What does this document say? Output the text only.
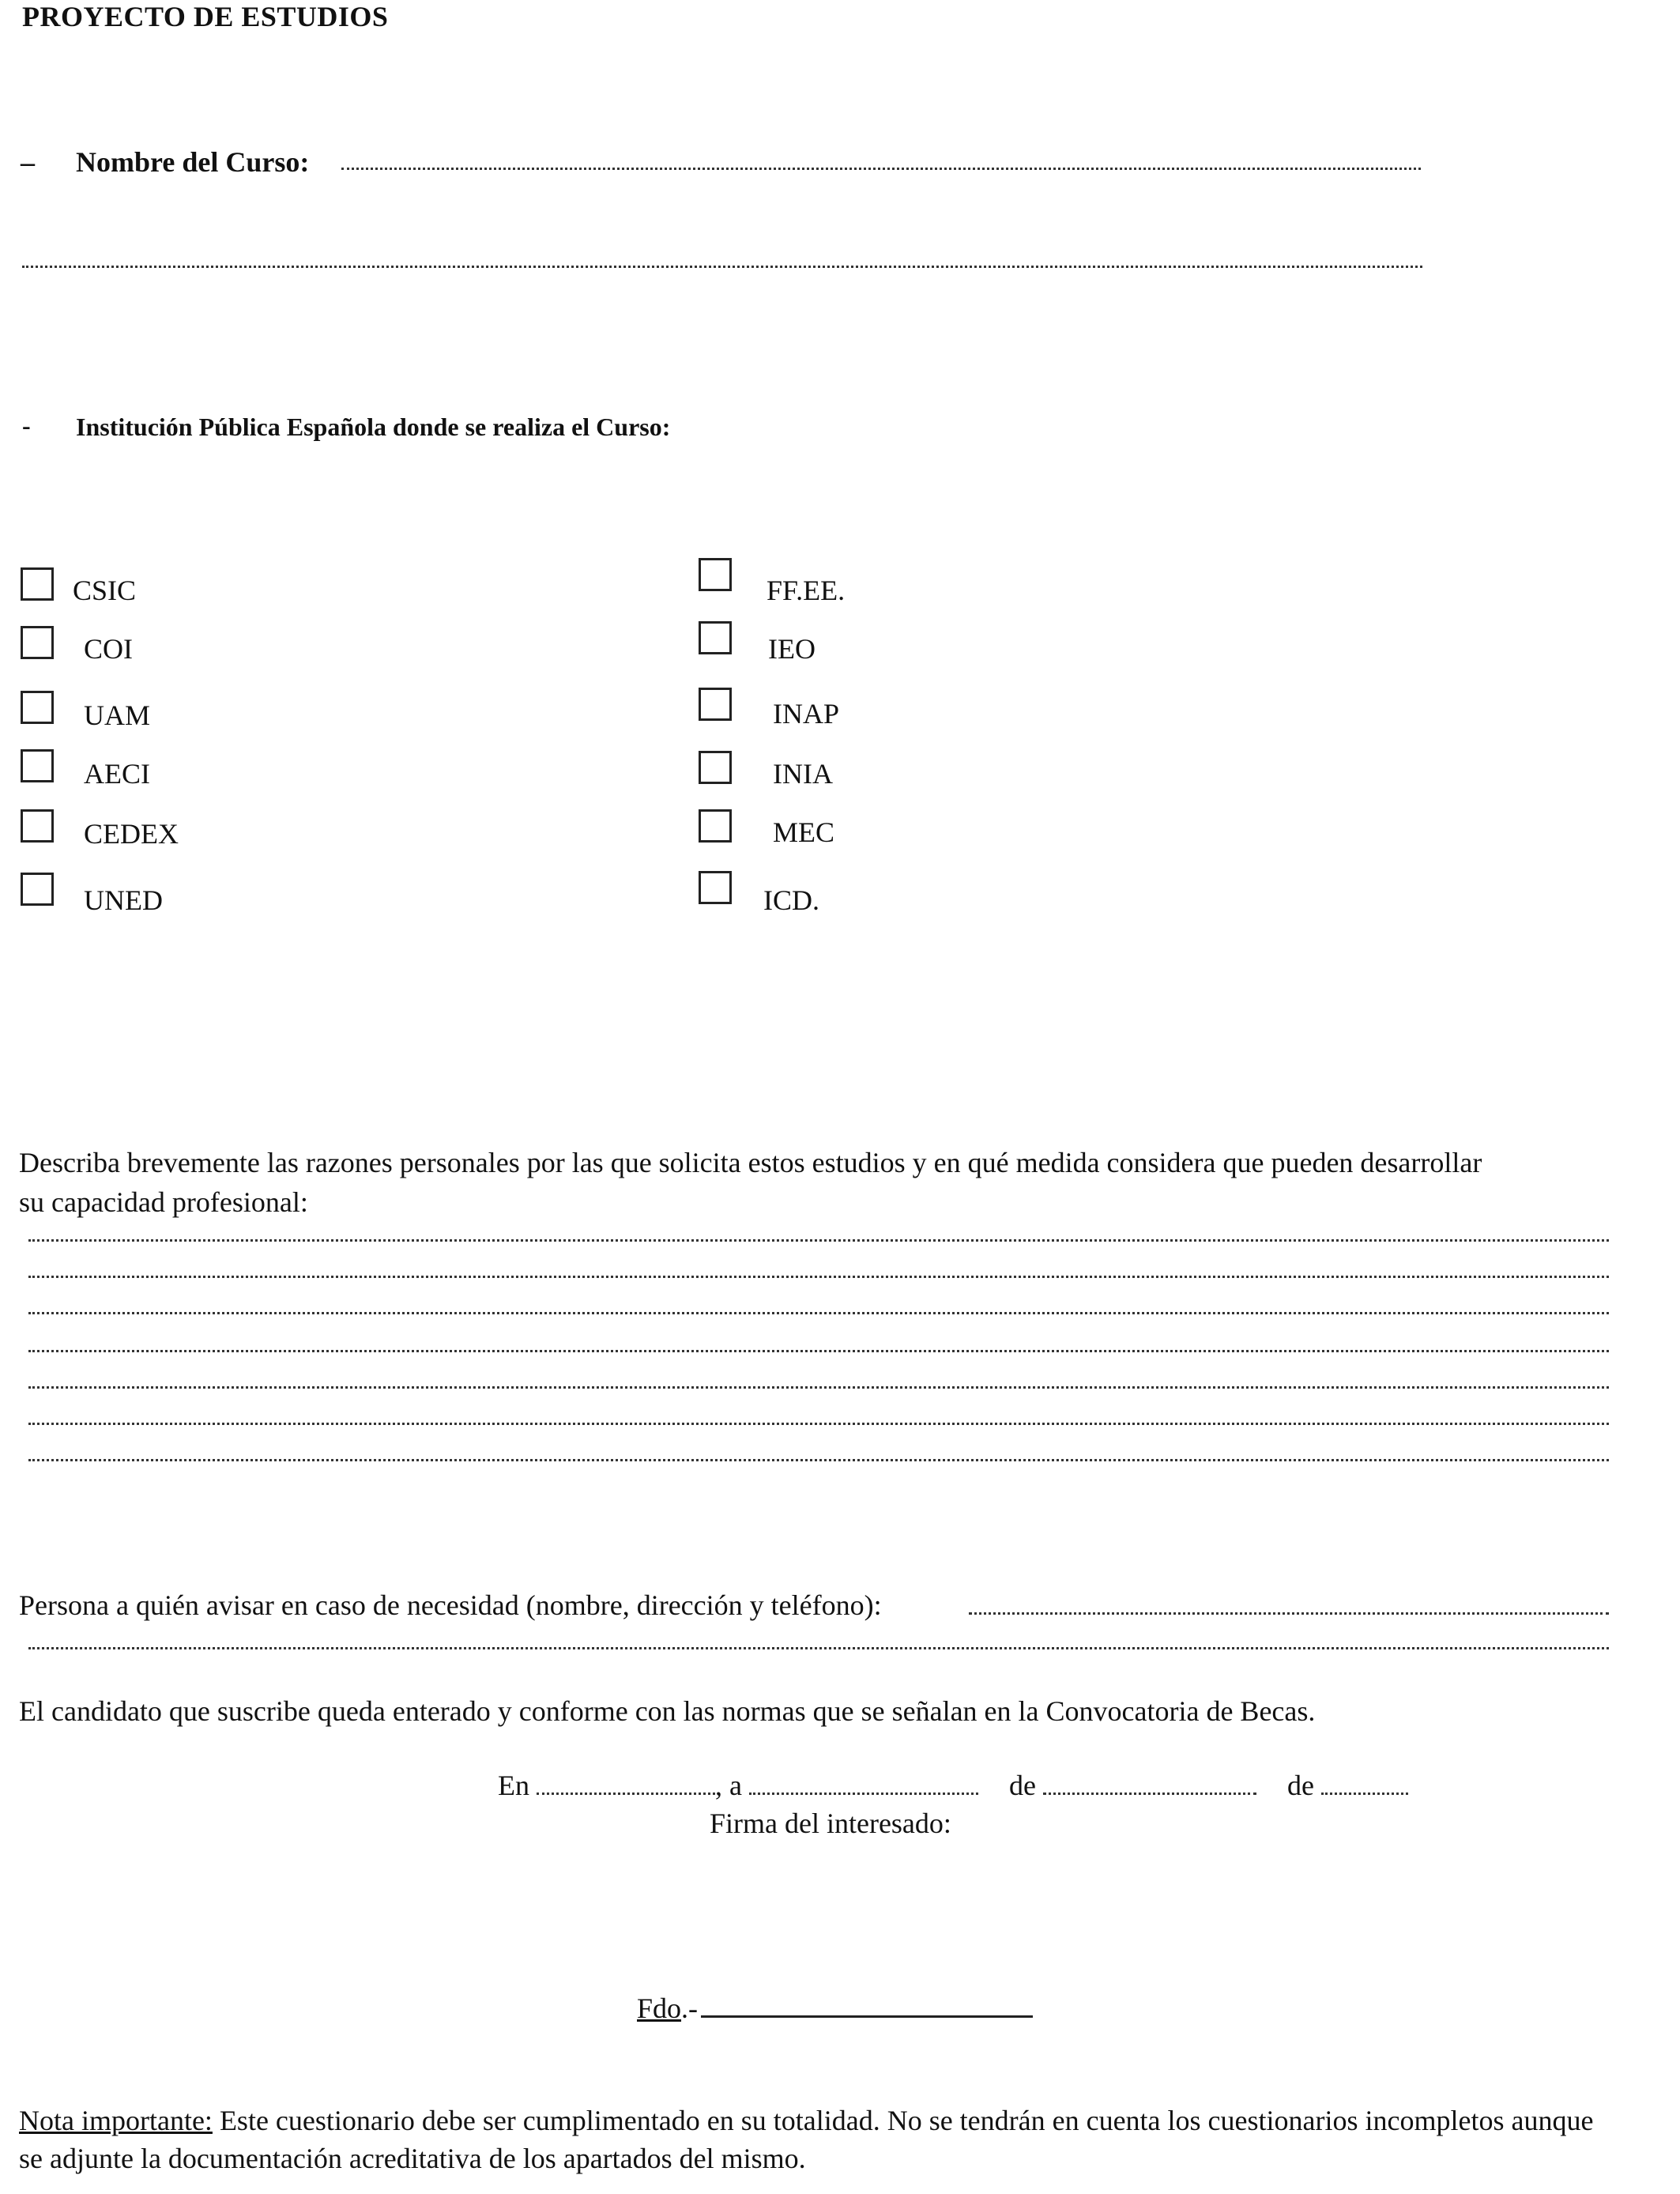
PROYECTO DE ESTUDIOS
– Nombre del Curso:
- Institución Pública Española donde se realiza el Curso:
CSIC
COI
UAM
AECI
CEDEX
UNED
FF.EE.
IEO
INAP
INIA
MEC
ICD.
Describa brevemente las razones personales por las que solicita estos estudios y en qué medida considera que pueden desarrollar
su capacidad profesional:
Persona a quién avisar en caso de necesidad (nombre, dirección y teléfono):
El candidato que suscribe queda enterado y conforme con las normas que se señalan en la Convocatoria de Becas.
En	, a	de	de
Firma del interesado:
Fdo.-
Nota importante: Este cuestionario debe ser cumplimentado en su totalidad. No se tendrán en cuenta los cuestionarios incompletos aunque
se adjunte la documentación acreditativa de los apartados del mismo.
